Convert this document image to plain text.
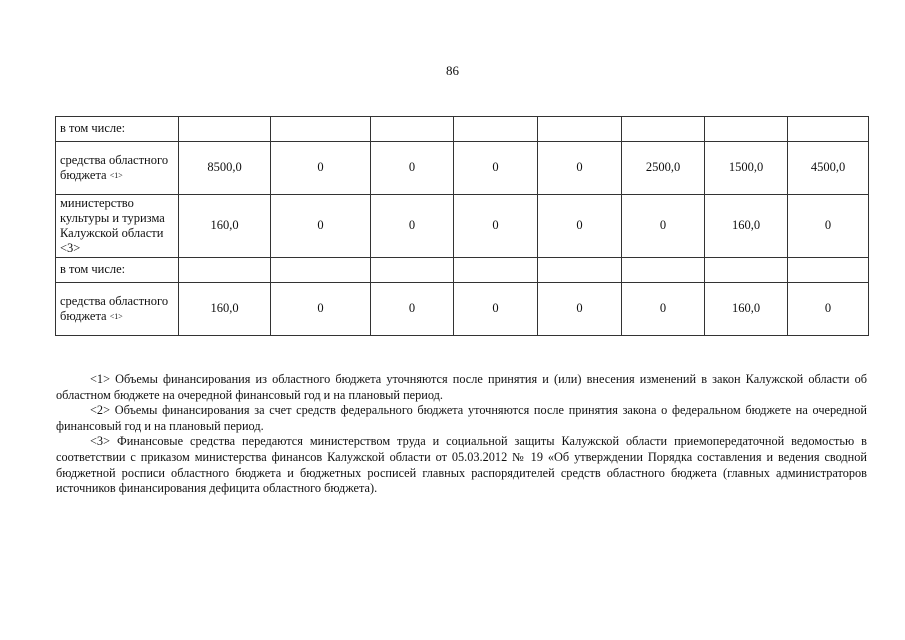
86
в том числе:								
средства областного бюджета $_{<1>}$	8500,0	0	0	0	0	2500,0	1500,0	4500,0
министерство культуры и туризма Калужской области <3>	160,0	0	0	0	0	0	160,0	0
в том числе:								
средства областного бюджета $_{<1>}$	160,0	0	0	0	0	0	160,0	0

<1> Объемы финансирования из областного бюджета уточняются после принятия и (или) внесения изменений в закон Калужской области об областном бюджете на очередной финансовый год и на плановый период.

<2> Объемы финансирования за счет средств федерального бюджета уточняются после принятия закона о федеральном бюджете на очередной финансовый год и на плановый период.

<3> Финансовые средства передаются министерством труда и социальной защиты Калужской области приемопередаточной ведомостью в соответствии с приказом министерства финансов Калужской области от 05.03.2012 № 19 «Об утверждении Порядка составления и ведения сводной бюджетной росписи областного бюджета и бюджетных росписей главных распорядителей средств областного бюджета (главных администраторов источников финансирования дефицита областного бюджета).
